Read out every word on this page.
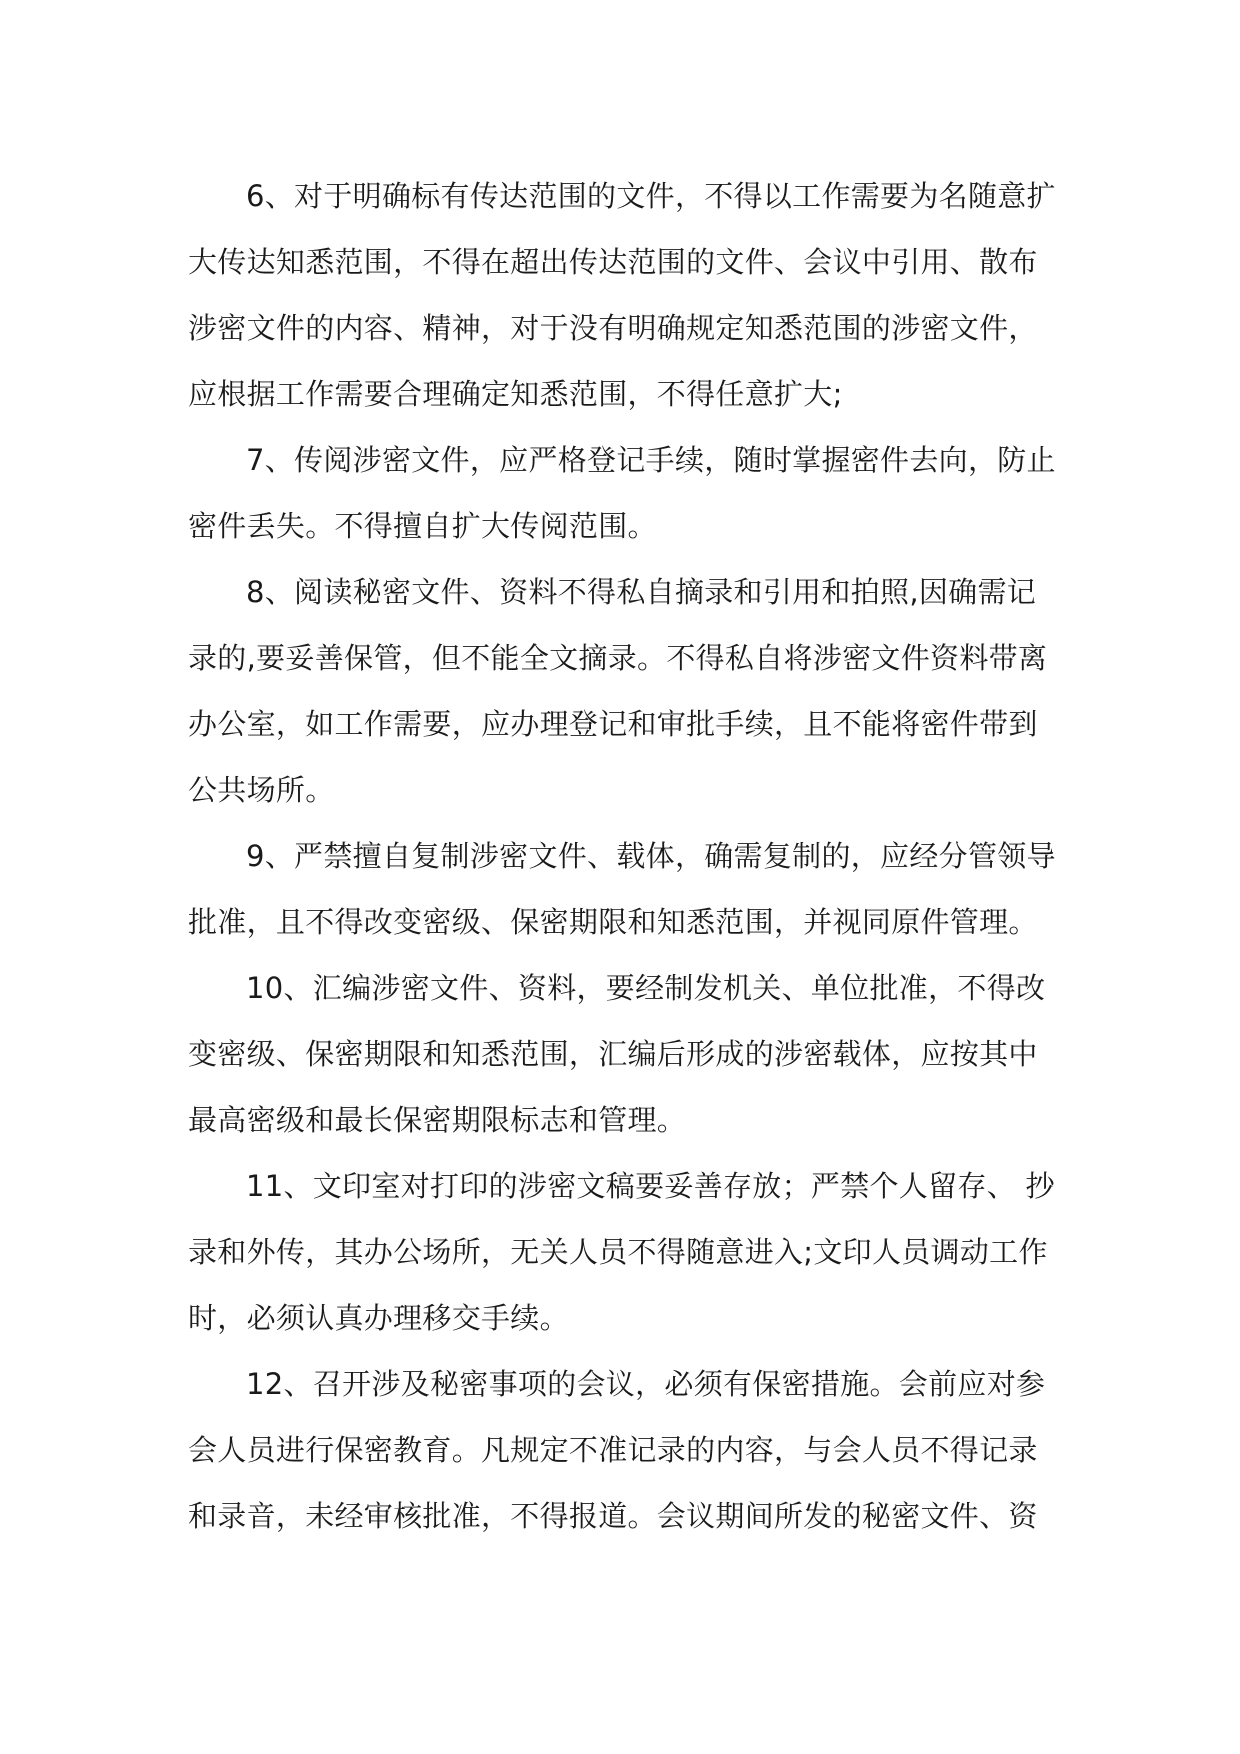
6、对于明确标有传达范围的文件，不得以工作需要为名随意扩大传达知悉范围，不得在超出传达范围的文件、会议中引用、散布涉密文件的内容、精神，对于没有明确规定知悉范围的涉密文件，应根据工作需要合理确定知悉范围，不得任意扩大;

7、传阅涉密文件，应严格登记手续，随时掌握密件去向，防止密件丢失。不得擅自扩大传阅范围。

8、阅读秘密文件、资料不得私自摘录和引用和拍照,因确需记录的,要妥善保管，但不能全文摘录。不得私自将涉密文件资料带离办公室，如工作需要，应办理登记和审批手续，且不能将密件带到公共场所。

9、严禁擅自复制涉密文件、载体，确需复制的，应经分管领导批准，且不得改变密级、保密期限和知悉范围，并视同原件管理。

10、汇编涉密文件、资料，要经制发机关、单位批准，不得改变密级、保密期限和知悉范围，汇编后形成的涉密载体，应按其中最高密级和最长保密期限标志和管理。

11、文印室对打印的涉密文稿要妥善存放；严禁个人留存、 抄录和外传，其办公场所，无关人员不得随意进入;文印人员调动工作时，必须认真办理移交手续。

12、召开涉及秘密事项的会议，必须有保密措施。会前应对参会人员进行保密教育。凡规定不准记录的内容，与会人员不得记录和录音，未经审核批准，不得报道。会议期间所发的秘密文件、资
